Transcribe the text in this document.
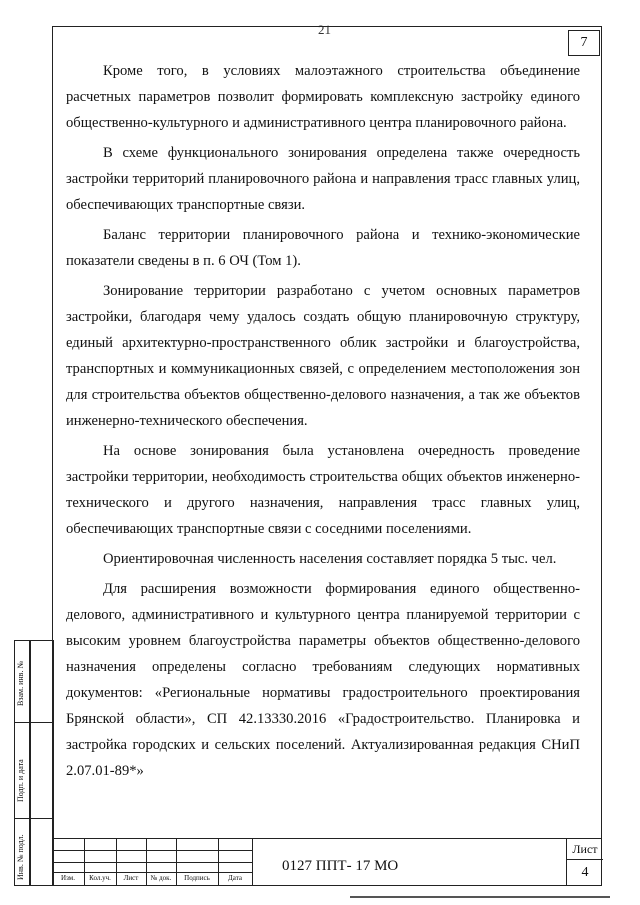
21
7

Кроме того, в условиях малоэтажного строительства объединение расчетных параметров позволит формировать комплексную застройку единого общественно-культурного и административного центра планировочного района.

В схеме функционального зонирования определена также очередность застройки территорий планировочного района и направления трасс главных улиц, обеспечивающих транспортные связи.

Баланс территории планировочного района и технико-экономические показатели сведены в п. 6 ОЧ (Том 1).

Зонирование территории разработано с учетом основных параметров застройки, благодаря чему удалось создать общую планировочную структуру, единый архитектурно-пространственного облик застройки и благоустройства, транспортных и коммуникационных связей, с определением местоположения зон для строительства объектов общественно-делового назначения, а так же объектов инженерно-технического обеспечения.

На основе зонирования была установлена очередность проведение застройки территории, необходимость строительства общих объектов инженерно-технического и другого назначения, направления трасс главных улиц, обеспечивающих транспортные связи с соседними поселениями.

Ориентировочная численность населения составляет порядка 5 тыс. чел.

Для расширения возможности формирования единого общественно-делового, административного и культурного центра планируемой территории с высоким уровнем благоустройства параметры объектов общественно-делового назначения определены согласно требованиям следующих нормативных документов: «Региональные нормативы градостроительного проектирования Брянской области», СП 42.13330.2016 «Градостроительство. Планировка и застройка городских и сельских поселений. Актуализированная редакция СНиП 2.07.01-89*»

Взам. инв. №
Подп. и дата
Инв. № подл.	Изм.	Кол.уч.	Лист	№ док.	Подпись	Дата
0127 ППТ- 17 МО
Лист
4
